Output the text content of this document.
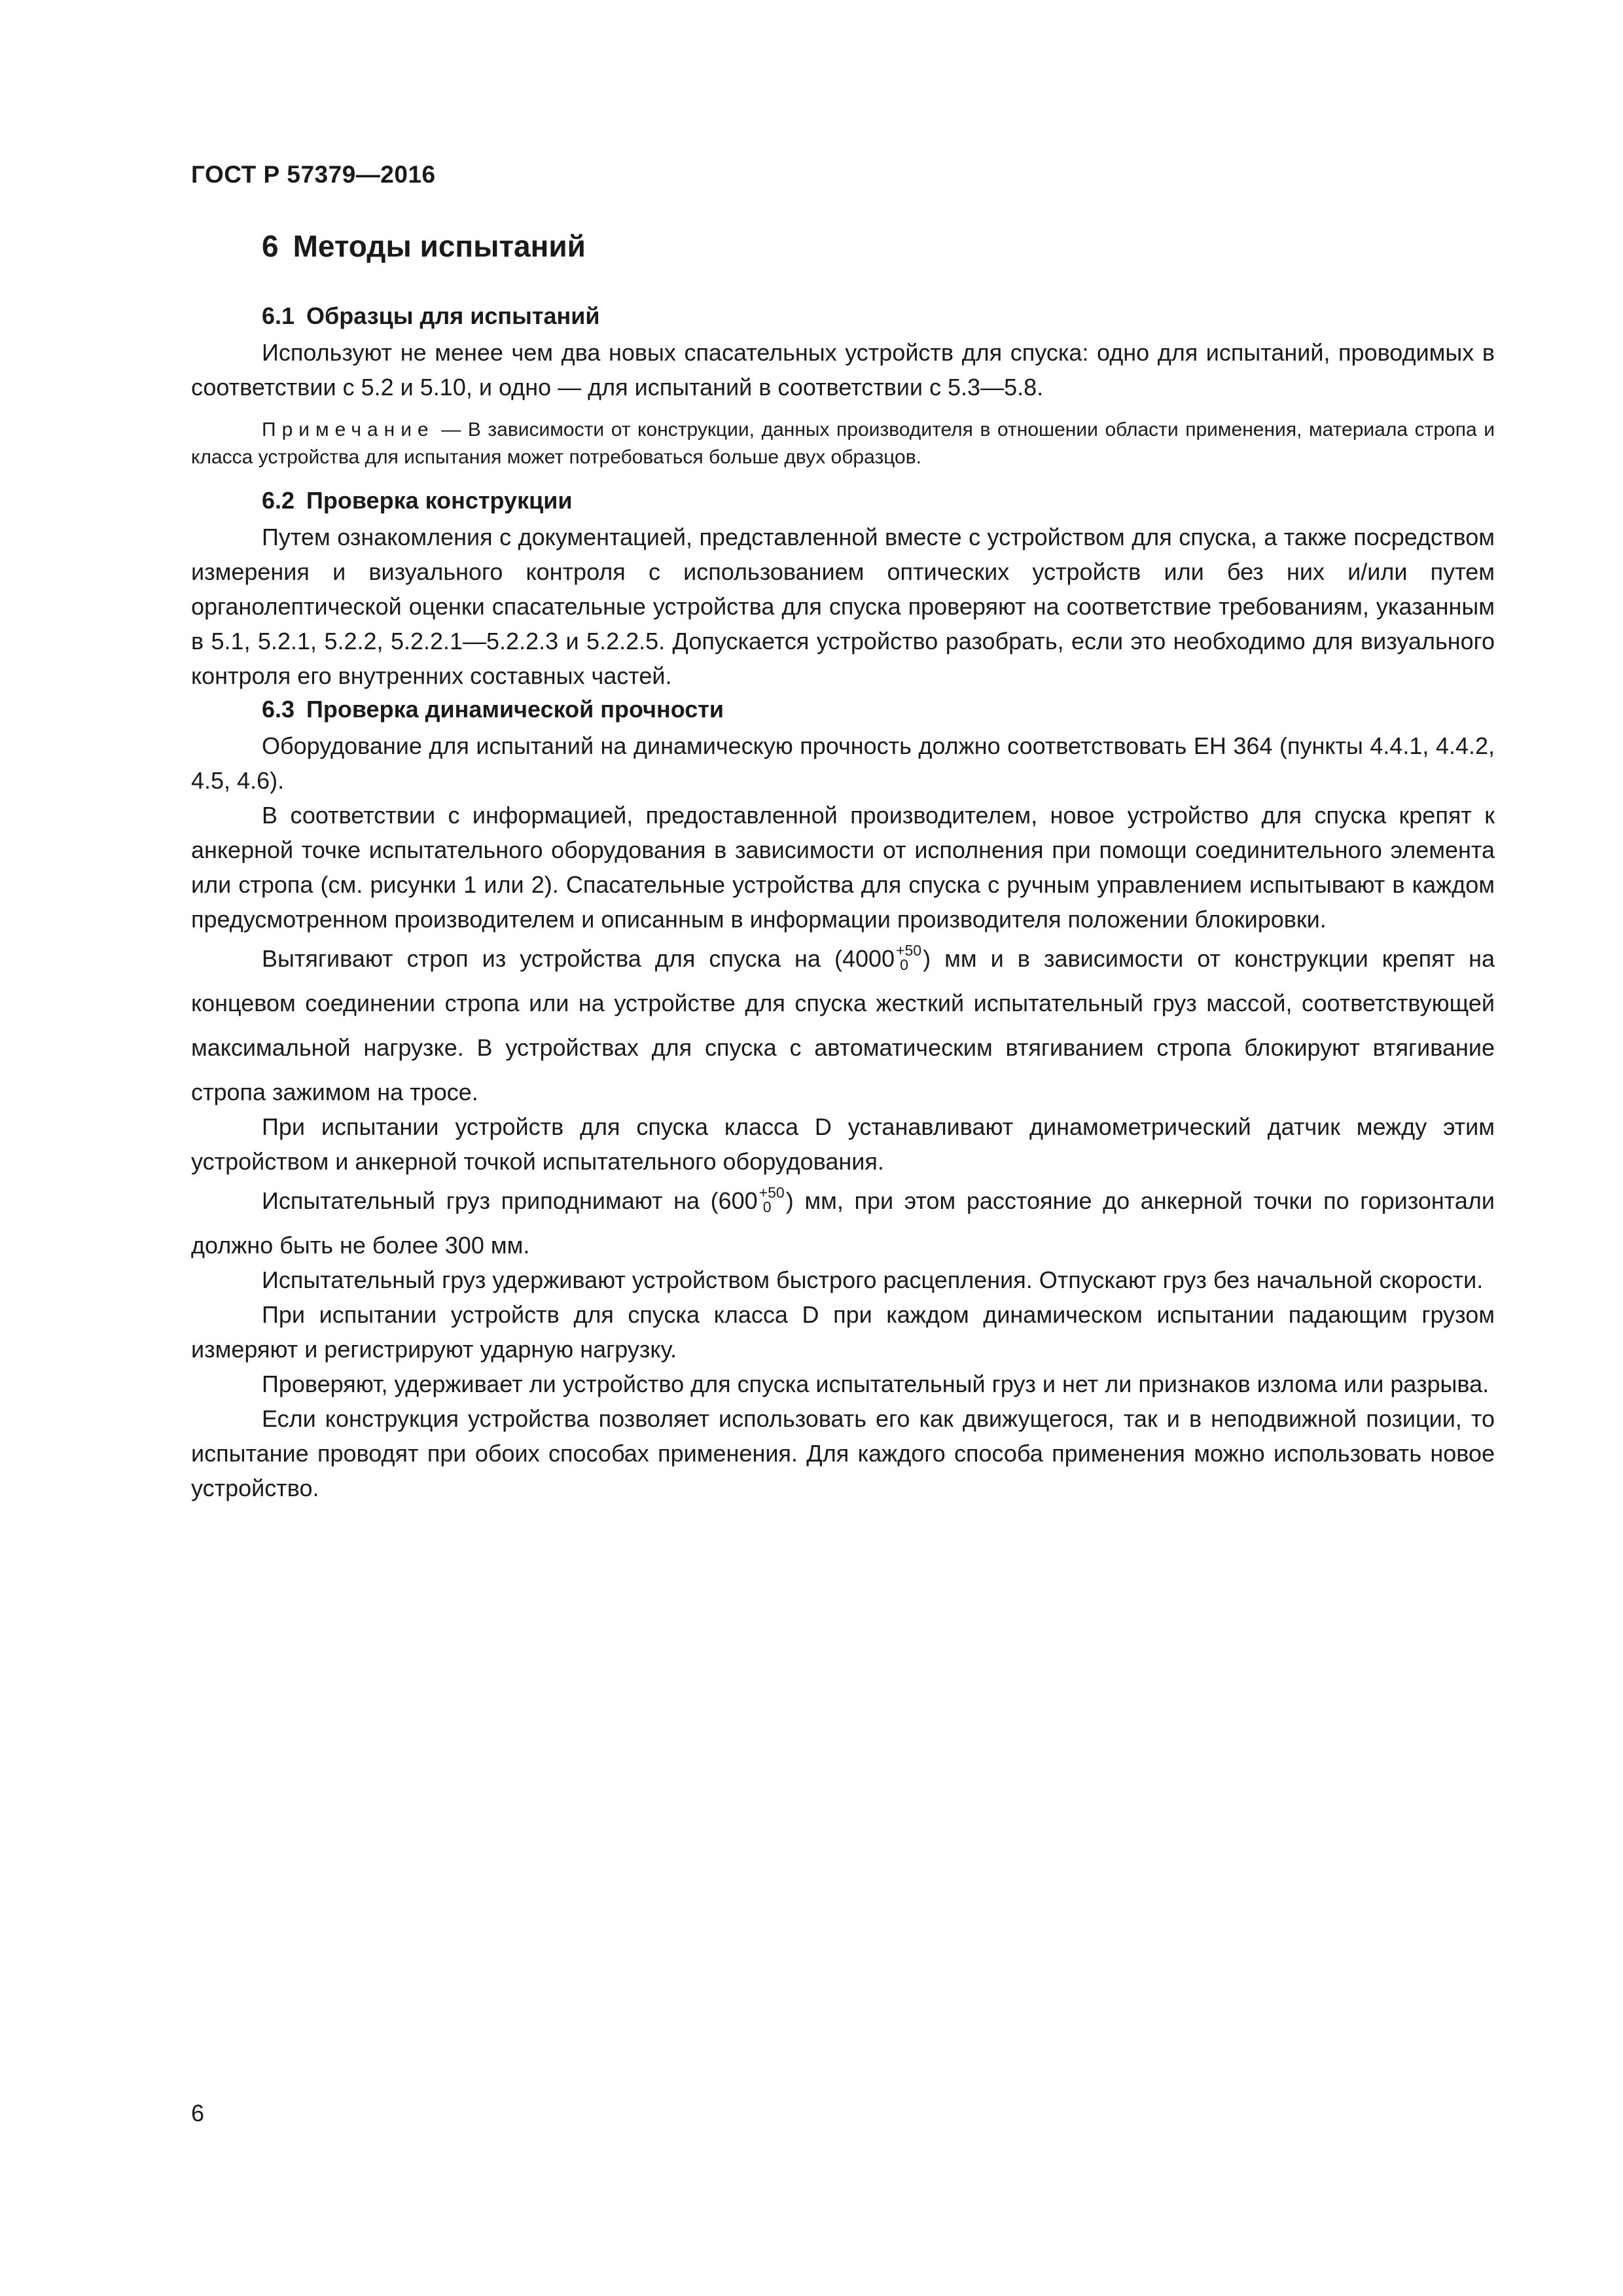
ГОСТ Р 57379—2016
6 Методы испытаний
6.1 Образцы для испытаний

Используют не менее чем два новых спасательных устройств для спуска: одно для испытаний, проводимых в соответствии с 5.2 и 5.10, и одно — для испытаний в соответствии с 5.3—5.8.

Примечание — В зависимости от конструкции, данных производителя в отношении области применения, материала стропа и класса устройства для испытания может потребоваться больше двух образцов.

6.2 Проверка конструкции

Путем ознакомления с документацией, представленной вместе с устройством для спуска, а также посредством измерения и визуального контроля с использованием оптических устройств или без них и/или путем органолептической оценки спасательные устройства для спуска проверяют на соответствие требованиям, указанным в 5.1, 5.2.1, 5.2.2, 5.2.2.1—5.2.2.3 и 5.2.2.5. Допускается устройство разобрать, если это необходимо для визуального контроля его внутренних составных частей.

6.3 Проверка динамической прочности

Оборудование для испытаний на динамическую прочность должно соответствовать ЕН 364 (пункты 4.4.1, 4.4.2, 4.5, 4.6).

В соответствии с информацией, предоставленной производителем, новое устройство для спуска крепят к анкерной точке испытательного оборудования в зависимости от исполнения при помощи соединительного элемента или стропа (см. рисунки 1 или 2). Спасательные устройства для спуска с ручным управлением испытывают в каждом предусмотренном производителем и описанным в информации производителя положении блокировки.

Вытягивают строп из устройства для спуска на (4000 +50
0 ) мм и в зависимости от конструкции крепят на концевом соединении стропа или на устройстве для спуска жесткий испытательный груз массой, соответствующей максимальной нагрузке. В устройствах для спуска с автоматическим втягиванием стропа блокируют втягивание стропа зажимом на тросе.

При испытании устройств для спуска класса D устанавливают динамометрический датчик между этим устройством и анкерной точкой испытательного оборудования.

Испытательный груз приподнимают на (600 +50
0 ) мм, при этом расстояние до анкерной точки по горизонтали должно быть не более 300 мм.

Испытательный груз удерживают устройством быстрого расцепления. Отпускают груз без начальной скорости.

При испытании устройств для спуска класса D при каждом динамическом испытании падающим грузом измеряют и регистрируют ударную нагрузку.

Проверяют, удерживает ли устройство для спуска испытательный груз и нет ли признаков излома или разрыва.

Если конструкция устройства позволяет использовать его как движущегося, так и в неподвижной позиции, то испытание проводят при обоих способах применения. Для каждого способа применения можно использовать новое устройство.

6
